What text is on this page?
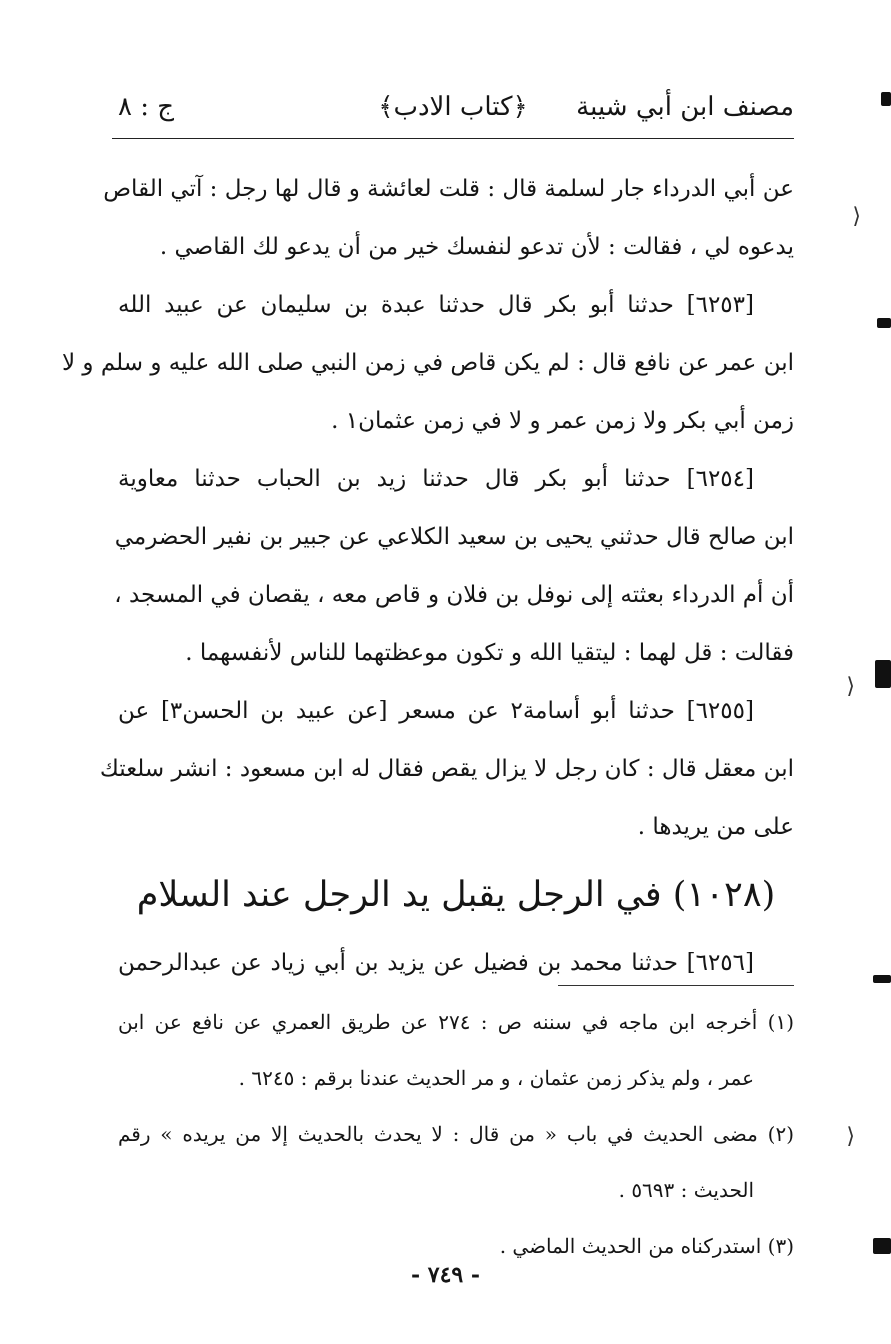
مصنف ابن أبي شيبة
﴿كتاب الادب﴾
ج : ٨
عن أبي الدرداء جار لسلمة قال : قلت لعائشة و قال لها رجل : آتي القاص
يدعوه لي ، فقالت : لأن تدعو لنفسك خير من أن يدعو لك القاصي .
[٦٢٥٣] حدثنا أبو بكر قال حدثنا عبدة بن سليمان عن عبيد الله
ابن عمر عن نافع قال : لم يكن قاص في زمن النبي صلى الله عليه و سلم و لا
زمن أبي بكر ولا زمن عمر و لا في زمن عثمان١ .
[٦٢٥٤] حدثنا أبو بكر قال حدثنا زيد بن الحباب حدثنا معاوية
ابن صالح قال حدثني يحيى بن سعيد الكلاعي عن جبير بن نفير الحضرمي
أن أم الدرداء بعثته إلى نوفل بن فلان و قاص معه ، يقصان في المسجد ،
فقالت : قل لهما : ليتقيا الله و تكون موعظتهما للناس لأنفسهما .
[٦٢٥٥] حدثنا أبو أسامة٢ عن مسعر [عن عبيد بن الحسن٣] عن
ابن معقل قال : كان رجل لا يزال يقص فقال له ابن مسعود : انشر سلعتك
على من يريدها .
(١٠٢٨) في الرجل يقبل يد الرجل عند السلام
[٦٢٥٦] حدثنا محمد بن فضيل عن يزيد بن أبي زياد عن عبدالرحمن
(١) أخرجه ابن ماجه في سننه ص : ٢٧٤ عن طريق العمري عن نافع عن ابن
عمر ، ولم يذكر زمن عثمان ، و مر الحديث عندنا برقم : ٦٢٤٥ .
(٢) مضى الحديث في باب « من قال : لا يحدث بالحديث إلا من يريده » رقم
الحديث : ٥٦٩٣ .
(٣) استدركناه من الحديث الماضي .
- ٧٤٩ -
⟩
⟩
⟩
